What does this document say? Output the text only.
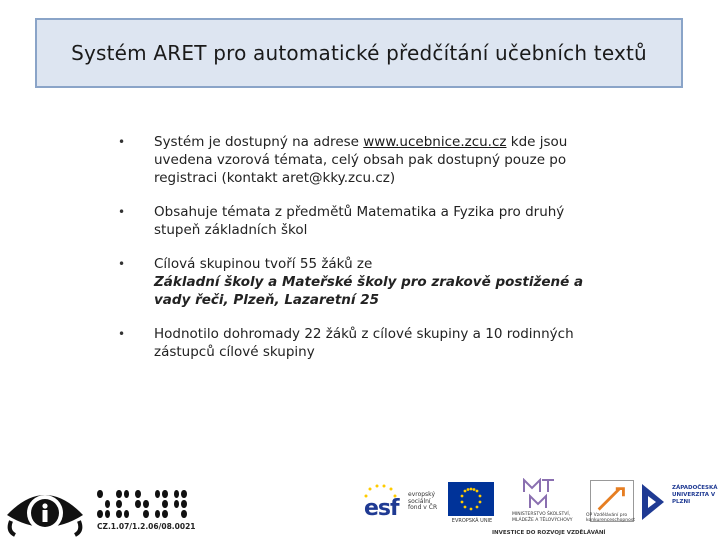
Systém ARET pro automatické předčítání učebních textů
• Systém je dostupný na adrese www.ucebnice.zcu.cz kde jsou uvedena vzorová témata, celý obsah pak dostupný pouze po registraci (kontakt aret@kky.zcu.cz)
• Obsahuje témata z předmětů Matematika a Fyzika pro druhý stupeň základních škol
• Cílová skupinou tvoří 55 žáků ze
Základní školy a Mateřské školy pro zrakově postižené a vady řeči, Plzeň, Lazaretní 25
• Hodnotilo dohromady 22 žáků z cílové skupiny a 10 rodinných zástupců cílové skupiny
CZ.1.07/1.2.06/08.0021
esf
evropský sociální fond v ČR
EVROPSKÁ UNIE
MINISTERSTVO ŠKOLSTVÍ, MLÁDEŽE A TĚLOVÝCHOVY
OP Vzdělávání pro konkurenceschopnost
ZÁPADOČESKÁ UNIVERZITA V PLZNI
INVESTICE DO ROZVOJE VZDĚLÁVÁNÍ
